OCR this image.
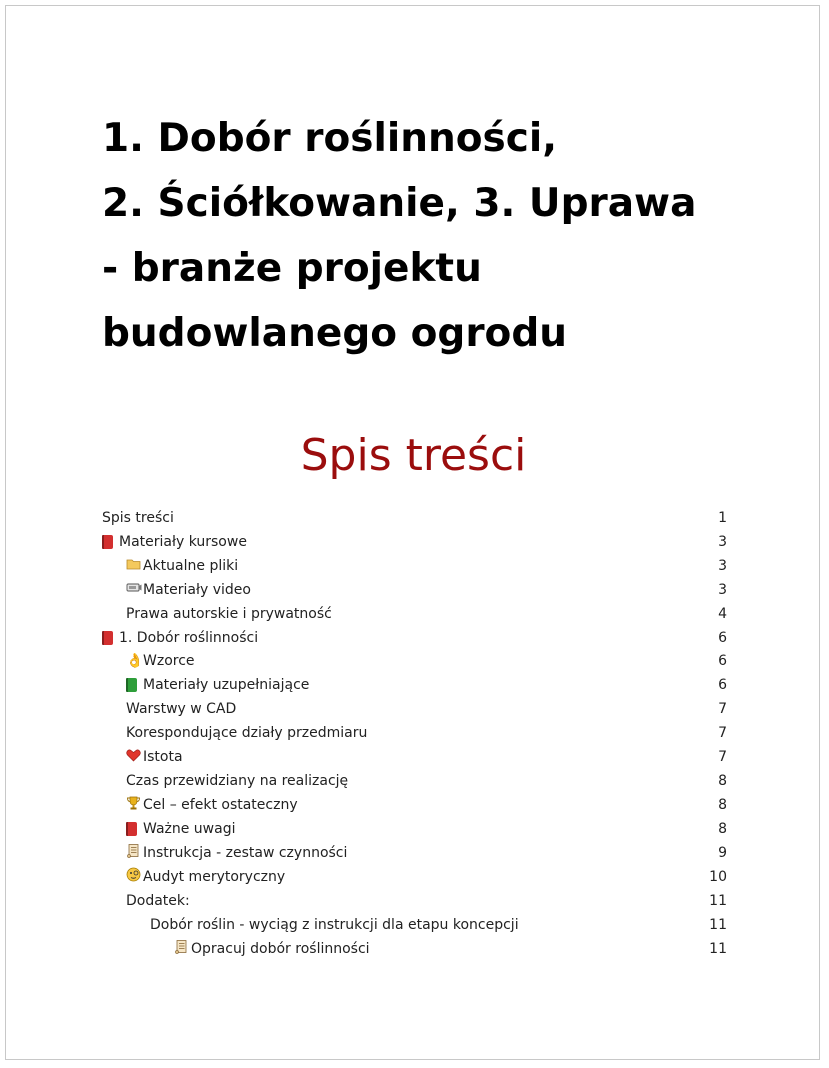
1. Dobór roślinności,
2. Ściółkowanie, 3. Uprawa
- branże projektu
budowlanego ogrodu
Spis treści
Spis treści	1
Materiały kursowe	3
Aktualne pliki	3
Materiały video	3
Prawa autorskie i prywatność	4
1. Dobór roślinności	6
👌 Wzorce	6
Materiały uzupełniające	6
Warstwy w CAD	7
Korespondujące działy przedmiaru	7
Istota	7
Czas przewidziany na realizację	8
Cel – efekt ostateczny	8
Ważne uwagi	8
Instrukcja - zestaw czynności	9
Audyt merytoryczny	10
Dodatek:	11
Dobór roślin - wyciąg z instrukcji dla etapu koncepcji	11
Opracuj dobór roślinności	11
